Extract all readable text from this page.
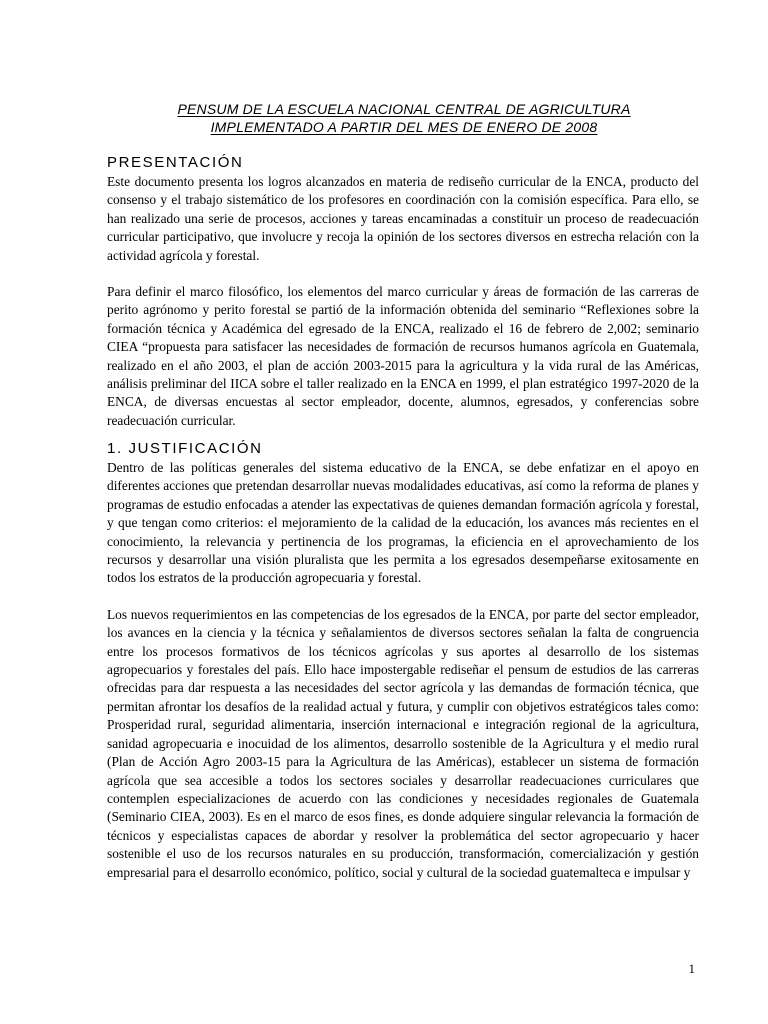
PENSUM DE LA ESCUELA NACIONAL CENTRAL DE AGRICULTURA
IMPLEMENTADO A PARTIR DEL MES DE ENERO DE 2008
PRESENTACIÓN

Este documento presenta los logros alcanzados en materia de rediseño curricular de la ENCA, producto del consenso y el trabajo sistemático de los profesores en coordinación con la comisión específica. Para ello, se han realizado una serie de procesos, acciones y tareas encaminadas a constituir un proceso de readecuación curricular participativo, que involucre y recoja la opinión de los sectores diversos en estrecha relación con la actividad agrícola y forestal.

Para definir el marco filosófico, los elementos del marco curricular y áreas de formación de las carreras de perito agrónomo y perito forestal se partió de la información obtenida del seminario “Reflexiones sobre la formación técnica y Académica del egresado de la ENCA, realizado el 16 de febrero de 2,002; seminario CIEA “propuesta para satisfacer las necesidades de formación de recursos humanos agrícola en Guatemala, realizado en el año 2003, el plan de acción 2003-2015 para la agricultura y la vida rural de las Américas, análisis preliminar del IICA sobre el taller realizado en la ENCA en 1999, el plan estratégico 1997-2020 de la ENCA, de diversas encuestas al sector empleador, docente, alumnos, egresados, y conferencias sobre readecuación curricular.

1. JUSTIFICACIÓN

Dentro de las políticas generales del sistema educativo de la ENCA, se debe enfatizar en el apoyo en diferentes acciones que pretendan desarrollar nuevas modalidades educativas, así como la reforma de planes y programas de estudio enfocadas a atender las expectativas de quienes demandan formación agrícola y forestal, y que tengan como criterios: el mejoramiento de la calidad de la educación, los avances más recientes en el conocimiento, la relevancia y pertinencia de los programas, la eficiencia en el aprovechamiento de los recursos y desarrollar una visión pluralista que les permita a los egresados desempeñarse exitosamente en todos los estratos de la producción agropecuaria y forestal.

Los nuevos requerimientos en las competencias de los egresados de la ENCA, por parte del sector empleador, los avances en la ciencia y la técnica y señalamientos de diversos sectores señalan la falta de congruencia entre los procesos formativos de los técnicos agrícolas y sus aportes al desarrollo de los sistemas agropecuarios y forestales del país. Ello hace impostergable rediseñar el pensum de estudios de las carreras ofrecidas para dar respuesta a las necesidades del sector agrícola y las demandas de formación técnica, que permitan afrontar los desafíos de la realidad actual y futura, y cumplir con objetivos estratégicos tales como: Prosperidad rural, seguridad alimentaria, inserción internacional e integración regional de la agricultura, sanidad agropecuaria e inocuidad de los alimentos, desarrollo sostenible de la Agricultura y el medio rural (Plan de Acción Agro 2003-15 para la Agricultura de las Américas), establecer un sistema de formación agrícola que sea accesible a todos los sectores sociales y desarrollar readecuaciones curriculares que contemplen especializaciones de acuerdo con las condiciones y necesidades regionales de Guatemala (Seminario CIEA, 2003). Es en el marco de esos fines, es donde adquiere singular relevancia la formación de técnicos y especialistas capaces de abordar y resolver la problemática del sector agropecuario y hacer sostenible el uso de los recursos naturales en su producción, transformación, comercialización y gestión empresarial para el desarrollo económico, político, social y cultural de la sociedad guatemalteca e impulsar y

1
